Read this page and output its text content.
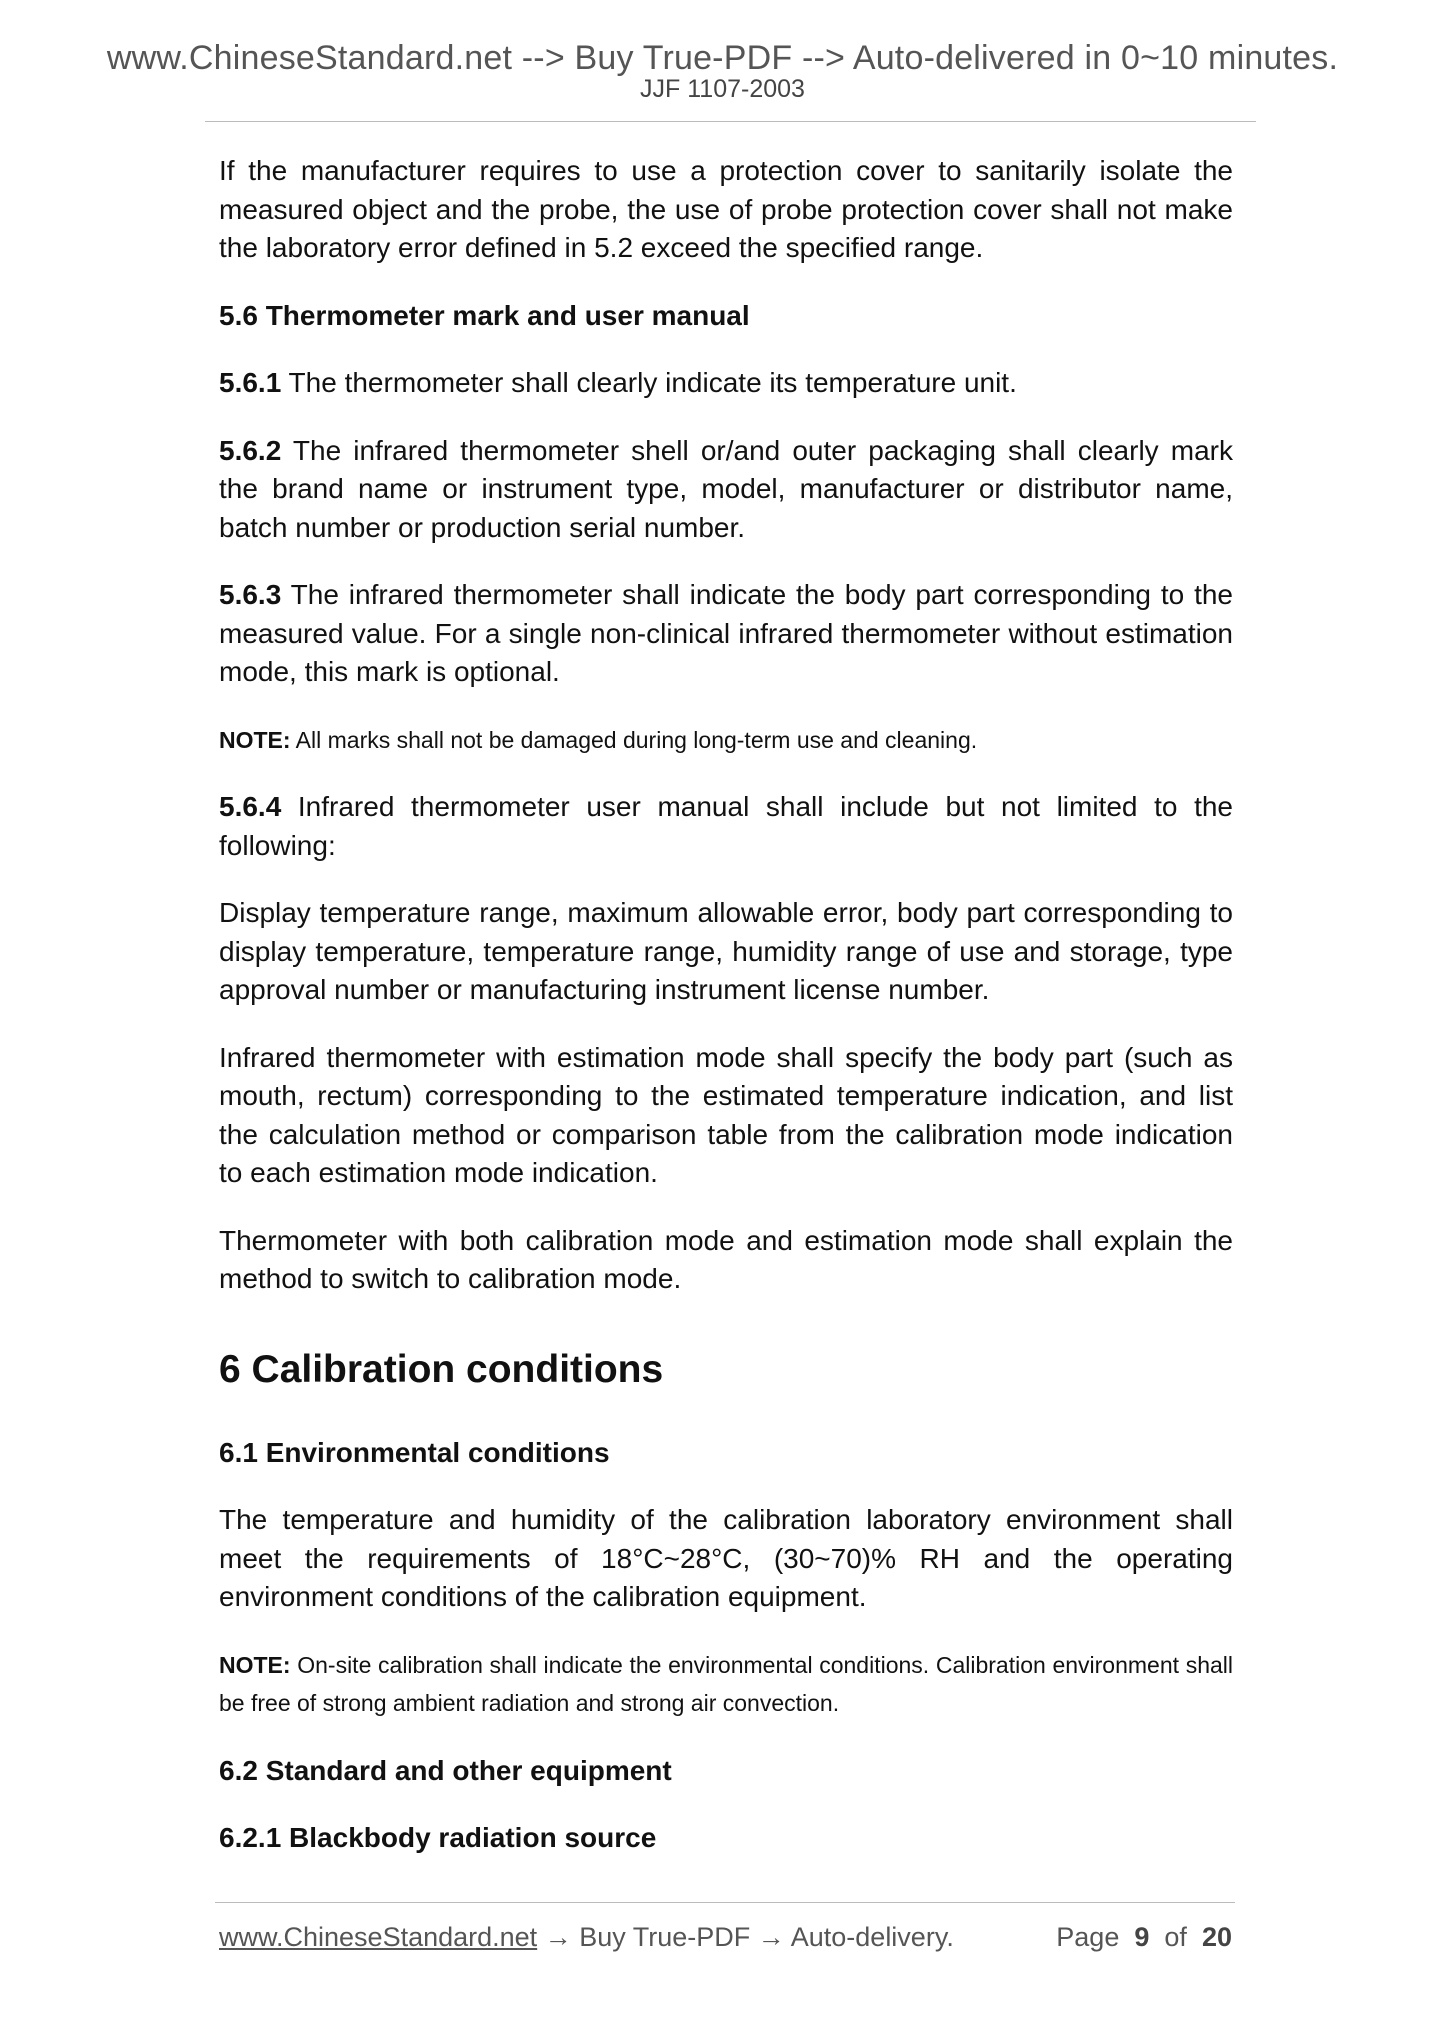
www.ChineseStandard.net --> Buy True-PDF --> Auto-delivered in 0~10 minutes.
JJF 1107-2003

If the manufacturer requires to use a protection cover to sanitarily isolate the measured object and the probe, the use of probe protection cover shall not make the laboratory error defined in 5.2 exceed the specified range.

5.6 Thermometer mark and user manual

5.6.1 The thermometer shall clearly indicate its temperature unit.

5.6.2 The infrared thermometer shell or/and outer packaging shall clearly mark the brand name or instrument type, model, manufacturer or distributor name, batch number or production serial number.

5.6.3 The infrared thermometer shall indicate the body part corresponding to the measured value. For a single non-clinical infrared thermometer without estimation mode, this mark is optional.

NOTE: All marks shall not be damaged during long-term use and cleaning.

5.6.4 Infrared thermometer user manual shall include but not limited to the following:

Display temperature range, maximum allowable error, body part corresponding to display temperature, temperature range, humidity range of use and storage, type approval number or manufacturing instrument license number.

Infrared thermometer with estimation mode shall specify the body part (such as mouth, rectum) corresponding to the estimated temperature indication, and list the calculation method or comparison table from the calibration mode indication to each estimation mode indication.

Thermometer with both calibration mode and estimation mode shall explain the method to switch to calibration mode.

6 Calibration conditions
6.1 Environmental conditions

The temperature and humidity of the calibration laboratory environment shall meet the requirements of 18°C~28°C, (30~70)% RH and the operating environment conditions of the calibration equipment.

NOTE: On-site calibration shall indicate the environmental conditions. Calibration environment shall be free of strong ambient radiation and strong air convection.

6.2 Standard and other equipment
6.2.1 Blackbody radiation source
www.ChineseStandard.net → Buy True-PDF → Auto-delivery.	Page 9 of 20
